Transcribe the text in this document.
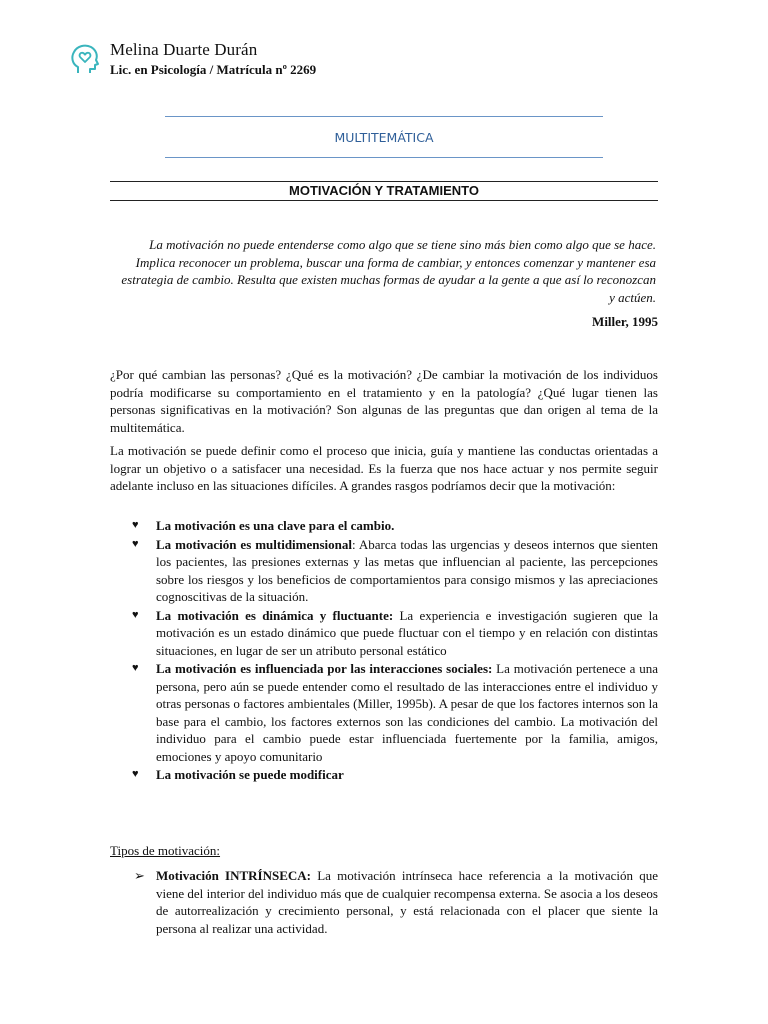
Melina Duarte Durán
Lic. en Psicología / Matrícula nº 2269
MULTITEMÁTICA
MOTIVACIÓN Y TRATAMIENTO
La motivación no puede entenderse como algo que se tiene sino más bien como algo que se hace. Implica reconocer un problema, buscar una forma de cambiar, y entonces comenzar y mantener esa estrategia de cambio. Resulta que existen muchas formas de ayudar a la gente a que así lo reconozcan y actúen.
Miller, 1995

¿Por qué cambian las personas? ¿Qué es la motivación? ¿De cambiar la motivación de los individuos podría modificarse su comportamiento en el tratamiento y en la patología? ¿Qué lugar tienen las personas significativas en la motivación? Son algunas de las preguntas que dan origen al tema de la multitemática.

La motivación se puede definir como el proceso que inicia, guía y mantiene las conductas orientadas a lograr un objetivo o a satisfacer una necesidad. Es la fuerza que nos hace actuar y nos permite seguir adelante incluso en las situaciones difíciles. A grandes rasgos podríamos decir que la motivación:

♥ La motivación es una clave para el cambio.
♥ La motivación es multidimensional: Abarca todas las urgencias y deseos internos que sienten los pacientes, las presiones externas y las metas que influencian al paciente, las percepciones sobre los riesgos y los beneficios de comportamientos para consigo mismos y las apreciaciones cognoscitivas de la situación.
♥ La motivación es dinámica y fluctuante: La experiencia e investigación sugieren que la motivación es un estado dinámico que puede fluctuar con el tiempo y en relación con distintas situaciones, en lugar de ser un atributo personal estático
♥ La motivación es influenciada por las interacciones sociales: La motivación pertenece a una persona, pero aún se puede entender como el resultado de las interacciones entre el individuo y otras personas o factores ambientales (Miller, 1995b). A pesar de que los factores internos son la base para el cambio, los factores externos son las condiciones del cambio. La motivación del individuo para el cambio puede estar influenciada fuertemente por la familia, amigos, emociones y apoyo comunitario
♥ La motivación se puede modificar
Tipos de motivación:
➢ Motivación INTRÍNSECA: La motivación intrínseca hace referencia a la motivación que viene del interior del individuo más que de cualquier recompensa externa. Se asocia a los deseos de autorrealización y crecimiento personal, y está relacionada con el placer que siente la persona al realizar una actividad.
